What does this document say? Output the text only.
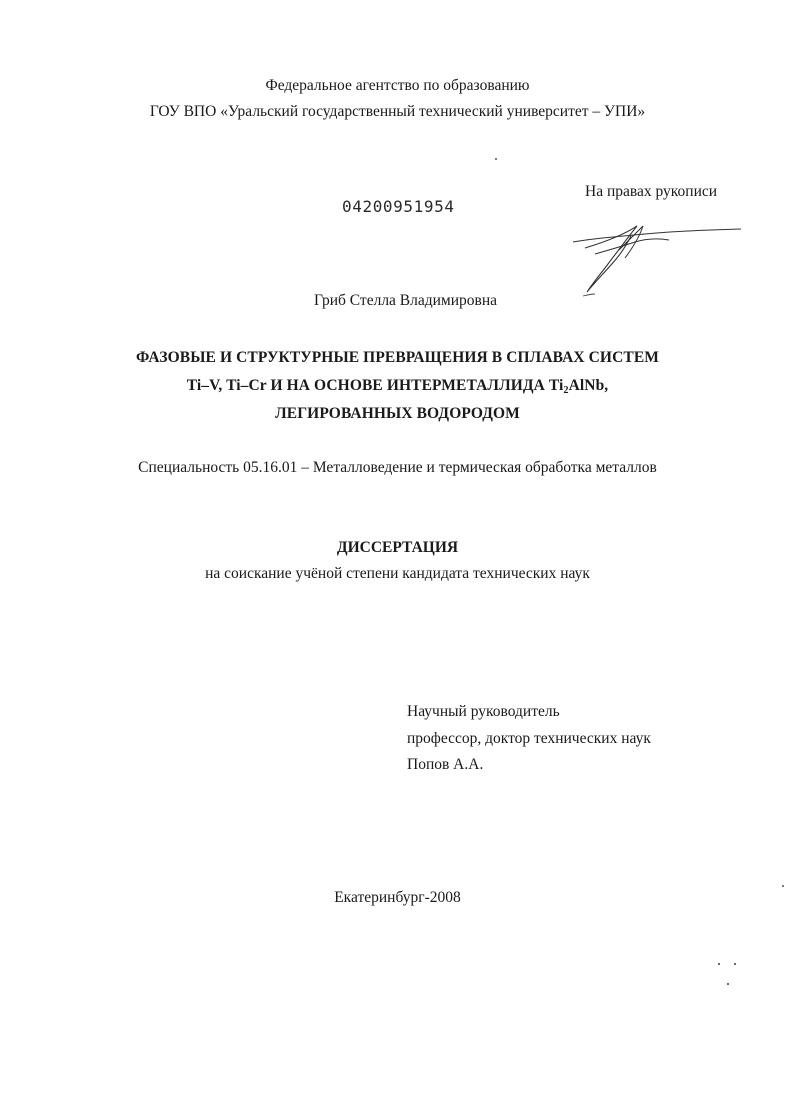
Федеральное агентство по образованию
ГОУ ВПО «Уральский государственный технический университет – УПИ»
На правах рукописи
04200951954
Гриб Стелла Владимировна
ФАЗОВЫЕ И СТРУКТУРНЫЕ ПРЕВРАЩЕНИЯ В СПЛАВАХ СИСТЕМ
Ti–V, Ti–Cr И НА ОСНОВЕ ИНТЕРМЕТАЛЛИДА $Ti_2AlNb$,
ЛЕГИРОВАННЫХ ВОДОРОДОМ
Специальность 05.16.01 – Металловедение и термическая обработка металлов
ДИССЕРТАЦИЯ
на соискание учёной степени кандидата технических наук
Научный руководитель
профессор, доктор технических наук
Попов А.А.
Екатеринбург-2008
